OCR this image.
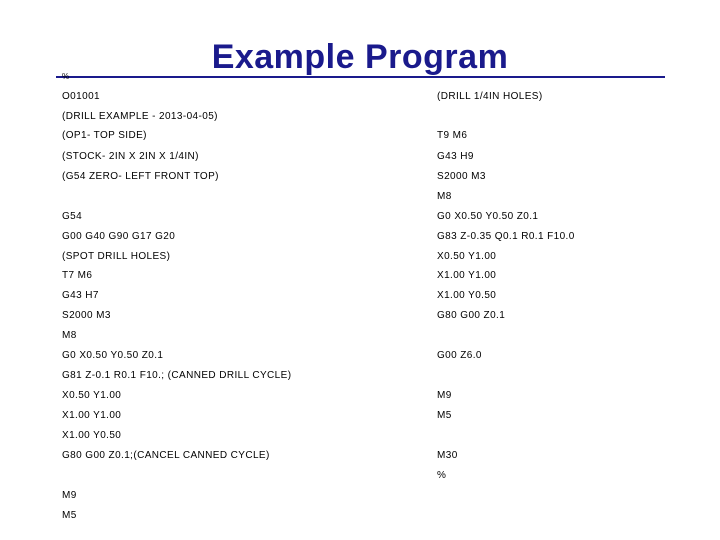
Example Program
%
O01001
(DRILL EXAMPLE - 2013-04-05)
(OP1- TOP SIDE)
(STOCK- 2IN X 2IN X 1/4IN)
(G54 ZERO- LEFT FRONT TOP)
G54
G00 G40 G90 G17 G20
(SPOT DRILL HOLES)
T7 M6
G43 H7
S2000 M3
M8
G0 X0.50 Y0.50 Z0.1
G81 Z-0.1 R0.1 F10.; (CANNED DRILL CYCLE)
X0.50 Y1.00
X1.00 Y1.00
X1.00 Y0.50
G80 G00 Z0.1;(CANCEL CANNED CYCLE)
M9
M5
(DRILL 1/4IN HOLES)
T9 M6
G43 H9
S2000 M3
M8
G0 X0.50 Y0.50 Z0.1
G83 Z-0.35 Q0.1 R0.1 F10.0
X0.50 Y1.00
X1.00 Y1.00
X1.00 Y0.50
G80 G00 Z0.1
G00 Z6.0
M9
M5
M30
%
